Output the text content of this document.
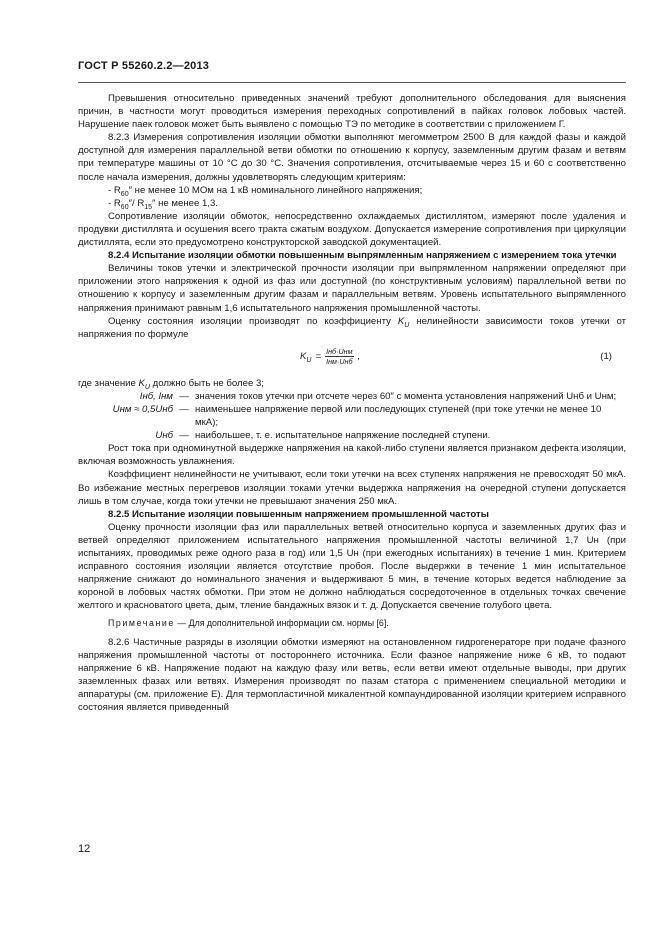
ГОСТ Р 55260.2.2—2013

Превышения относительно приведенных значений требуют дополнительного обследования для выяснения причин, в частности могут проводиться измерения переходных сопротивлений в пайках головок лобовых частей. Нарушение паек головок может быть выявлено с помощью ТЭ по методике в соответствии с приложением Г.

8.2.3 Измерения сопротивления изоляции обмотки выполняют мегомметром 2500 В для каждой фазы и каждой доступной для измерения параллельной ветви обмотки по отношению к корпусу, заземленным другим фазам и ветвям при температуре машины от 10 °С до 30 °С. Значения сопротивления, отсчитываемые через 15 и 60 с соответственно после начала измерения, должны удовлетворять следующим критериям:

- $R_{60}''$ не менее 10 МОм на 1 кВ номинального линейного напряжения;

- $R_{60}''/$ $R_{15}''$ не менее 1,3.

Сопротивление изоляции обмоток, непосредственно охлаждаемых дистиллятом, измеряют после удаления и продувки дистиллята и осушения всего тракта сжатым воздухом. Допускается измерение сопротивления при циркуляции дистиллята, если это предусмотрено конструкторской заводской документацией.

8.2.4 Испытание изоляции обмотки повышенным выпрямленным напряжением с измерением тока утечки

Величины токов утечки и электрической прочности изоляции при выпрямленном напряжении определяют при приложении этого напряжения к одной из фаз или доступной (по конструктивным условиям) параллельной ветви по отношению к корпусу и заземленным другим фазам и параллельным ветвям. Уровень испытательного выпрямленного напряжения принимают равным 1,6 испытательного напряжения промышленной частоты.

Оценку состояния изоляции производят по коэффициенту $K_U$ нелинейности зависимости токов утечки от напряжения по формуле

$K_U = \frac{\text{Iнб·Uнм}}{\text{Iнм·Uнб}}$ ,	(1)

где значение $K_U$ должно быть не более 3;

Iнб, Iнм — значения токов утечки при отсчете через 60″ с момента установления напряжений Uнб и Uнм;
Uнм ≈ 0,5Uнб — наименьшее напряжение первой или последующих ступеней (при токе утечки не менее 10 мкА);
Uнб — наибольшее, т. е. испытательное напряжение последней ступени.

Рост тока при одноминутной выдержке напряжения на какой-либо ступени является признаком дефекта изоляции, включая возможность увлажнения.

Коэффициент нелинейности не учитывают, если токи утечки на всех ступенях напряжения не превосходят 50 мкА. Во избежание местных перегревов изоляции токами утечки выдержка напряжения на очередной ступени допускается лишь в том случае, когда токи утечки не превышают значения 250 мкА.

8.2.5 Испытание изоляции повышенным напряжением промышленной частоты

Оценку прочности изоляции фаз или параллельных ветвей относительно корпуса и заземленных других фаз и ветвей определяют приложением испытательного напряжения промышленной частоты величиной 1,7 Uн (при испытаниях, проводимых реже одного раза в год) или 1,5 Uн (при ежегодных испытаниях) в течение 1 мин. Критерием исправного состояния изоляции является отсутствие пробоя. После выдержки в течение 1 мин испытательное напряжение снижают до номинального значения и выдерживают 5 мин, в течение которых ведется наблюдение за короной в лобовых частях обмотки. При этом не должно наблюдаться сосредоточенное в отдельных точках свечение желтого и красноватого цвета, дым, тление бандажных вязок и т. д. Допускается свечение голубого цвета.

Примечание — Для дополнительной информации см. нормы [6].

8.2.6 Частичные разряды в изоляции обмотки измеряют на остановленном гидрогенераторе при подаче фазного напряжения промышленной частоты от постороннего источника. Если фазное напряжение ниже 6 кВ, то подают напряжение 6 кВ. Напряжение подают на каждую фазу или ветвь, если ветви имеют отдельные выводы, при других заземленных фазах или ветвях. Измерения производят по пазам статора с применением специальной методики и аппаратуры (см. приложение Е). Для термопластичной микалентной компаундированной изоляции критерием исправного состояния является приведенный

12
